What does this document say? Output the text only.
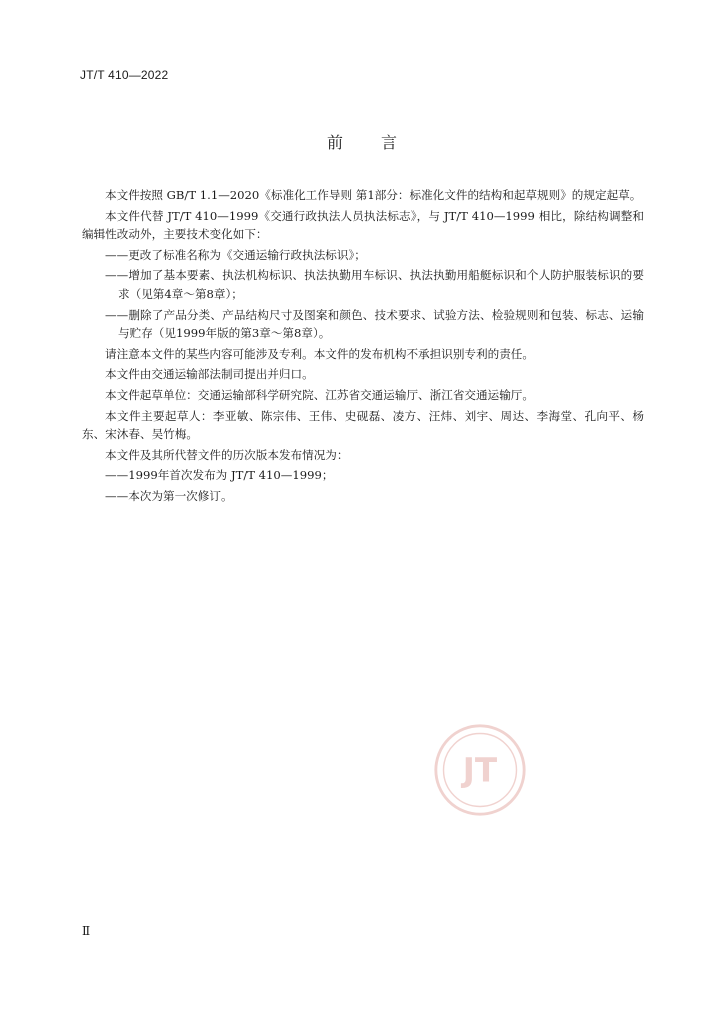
JT/T 410—2022
前言
本文件按照 GB/T 1.1—2020《标准化工作导则 第1部分：标准化文件的结构和起草规则》的规定起草。
本文件代替 JT/T 410—1999《交通行政执法人员执法标志》，与 JT/T 410—1999 相比，除结构调整和编辑性改动外，主要技术变化如下：
——更改了标准名称为《交通运输行政执法标识》；
——增加了基本要素、执法机构标识、执法执勤用车标识、执法执勤用船艇标识和个人防护服装标识的要求（见第4章～第8章）；
——删除了产品分类、产品结构尺寸及图案和颜色、技术要求、试验方法、检验规则和包装、标志、运输与贮存（见1999年版的第3章～第8章）。
请注意本文件的某些内容可能涉及专利。本文件的发布机构不承担识别专利的责任。
本文件由交通运输部法制司提出并归口。
本文件起草单位：交通运输部科学研究院、江苏省交通运输厅、浙江省交通运输厅。
本文件主要起草人：李亚敏、陈宗伟、王伟、史砚磊、凌方、汪炜、刘宇、周达、李海堂、孔向平、杨东、宋沐春、吴竹梅。
本文件及其所代替文件的历次版本发布情况为：
——1999年首次发布为 JT/T 410—1999；
——本次为第一次修订。
JT
Ⅱ
